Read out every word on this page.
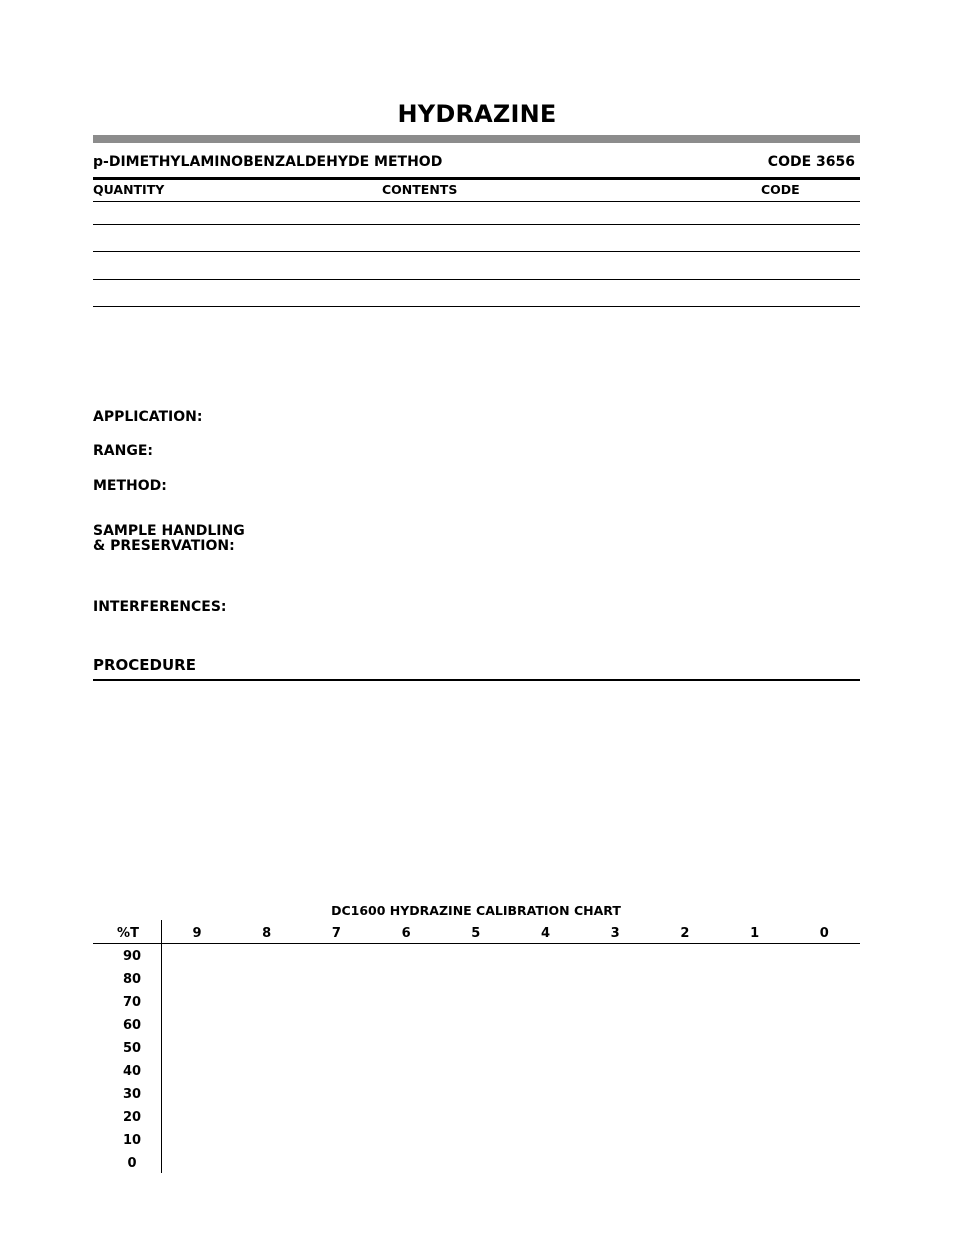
HYDRAZINE
p-DIMETHYLAMINOBENZALDEHYDE METHOD	CODE 3656
QUANTITY	CONTENTS	CODE
APPLICATION:
RANGE:
METHOD:
SAMPLE HANDLING
& PRESERVATION:
INTERFERENCES:
PROCEDURE
DC1600 HYDRAZINE CALIBRATION CHART
%T	9	8	7	6	5	4	3	2	1	0
90
80
70
60
50
40
30
20
10
0
